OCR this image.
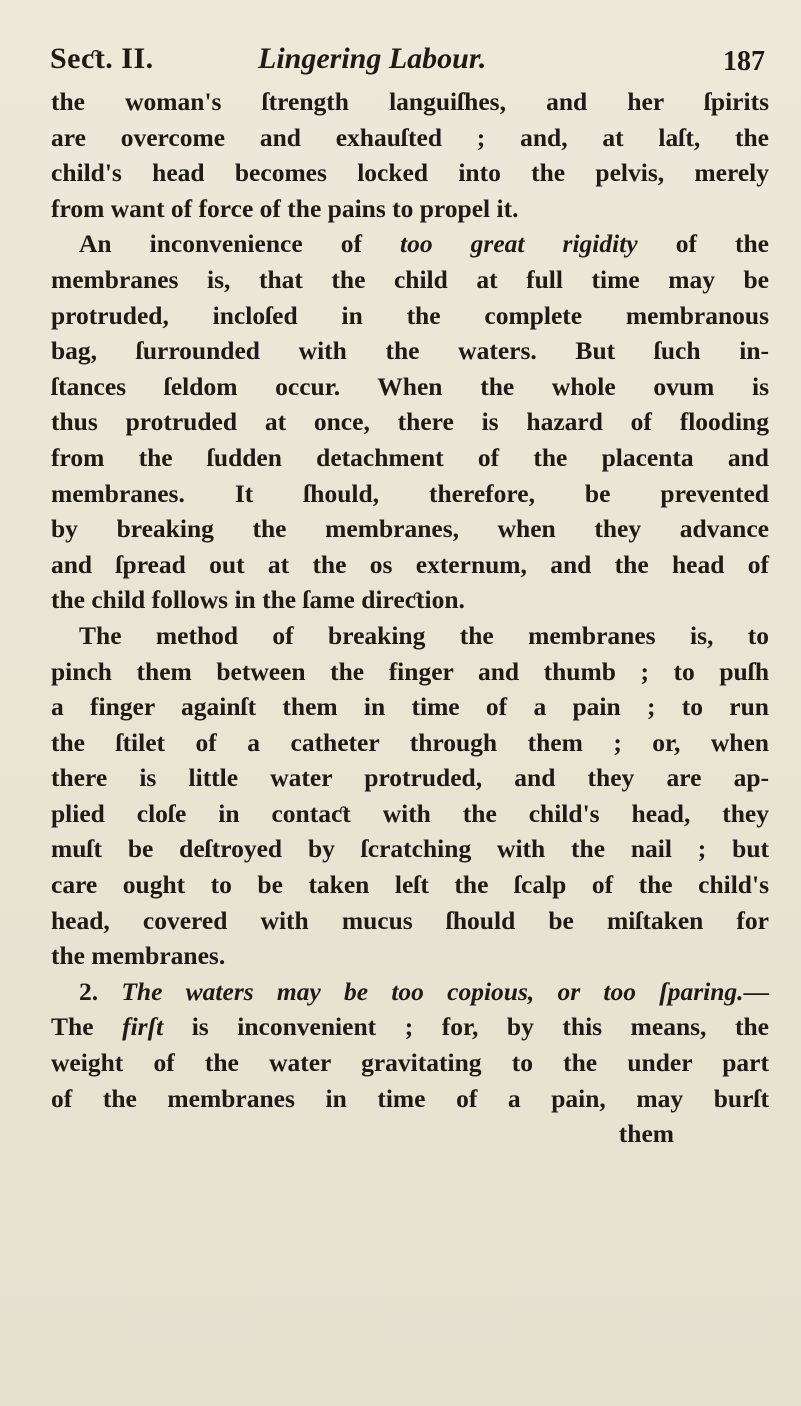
Seƈt. II.	Lingering Labour.	187
the woman's ſtrength languiſhes, and her ſpirits
are overcome and exhauſted ; and, at laſt, the
child's head becomes locked into the pelvis, merely
from want of force of the pains to propel it.
An inconvenience of too great rigidity of the
membranes is, that the child at full time may be
protruded, incloſed in the complete membranous
bag, ſurrounded with the waters. But ſuch in-
ſtances ſeldom occur. When the whole ovum is
thus protruded at once, there is hazard of flooding
from the ſudden detachment of the placenta and
membranes. It ſhould, therefore, be prevented
by breaking the membranes, when they advance
and ſpread out at the os externum, and the head of
the child follows in the ſame direƈtion.
The method of breaking the membranes is, to
pinch them between the finger and thumb ; to puſh
a finger againſt them in time of a pain ; to run
the ſtilet of a catheter through them ; or, when
there is little water protruded, and they are ap-
plied cloſe in contaƈt with the child's head, they
muſt be deſtroyed by ſcratching with the nail ; but
care ought to be taken leſt the ſcalp of the child's
head, covered with mucus ſhould be miſtaken for
the membranes.
2. The waters may be too copious, or too ſparing.—
The firſt is inconvenient ; for, by this means, the
weight of the water gravitating to the under part
of the membranes in time of a pain, may burſt
them
